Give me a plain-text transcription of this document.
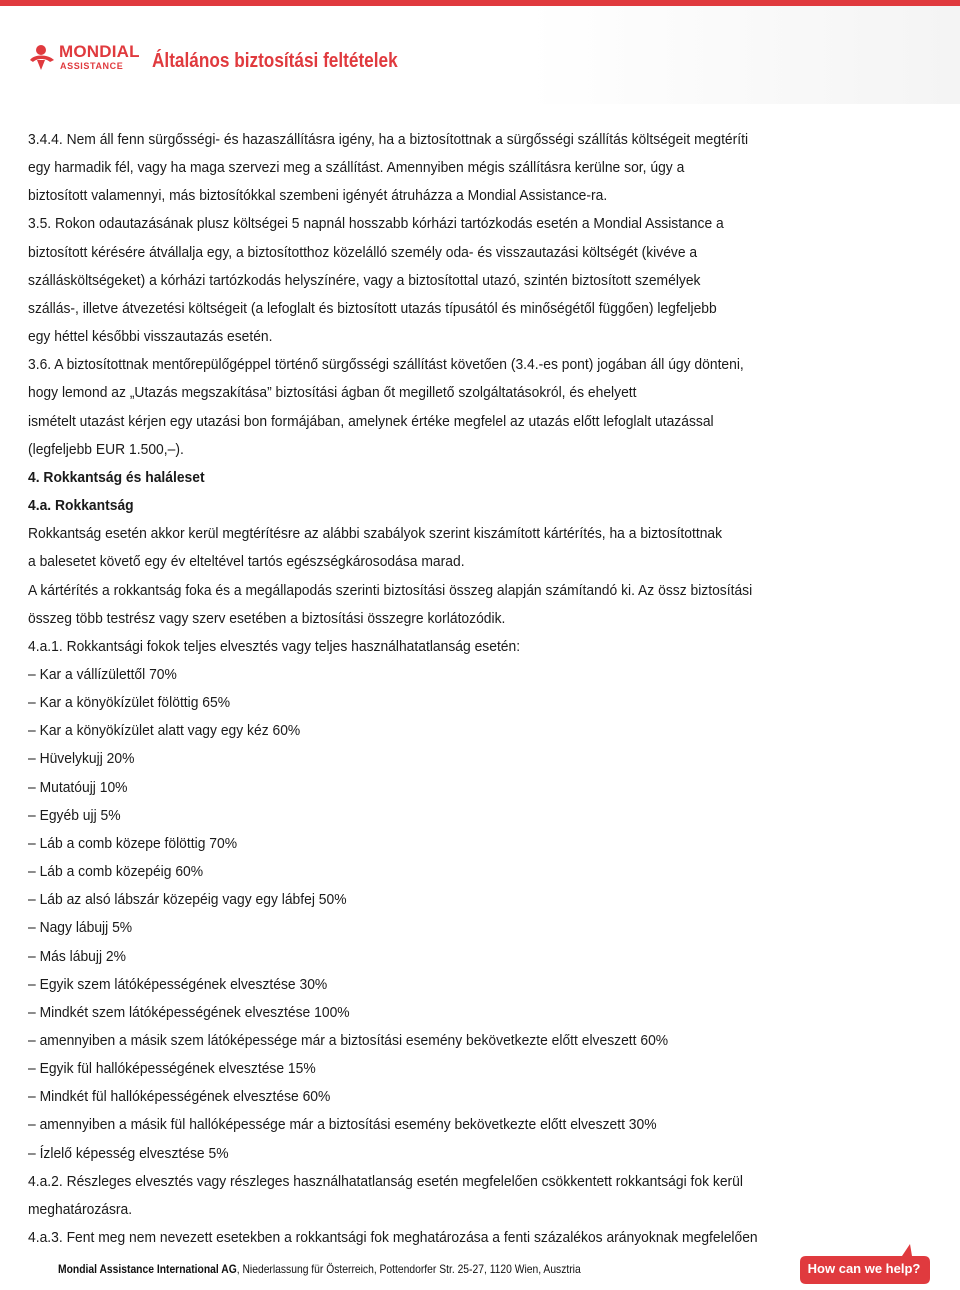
MONDIAL
ASSISTANCE Általános biztosítási feltételek
3.4.4. Nem áll fenn sürgősségi- és hazaszállításra igény, ha a biztosítottnak a sürgősségi szállítás költségeit megtéríti
egy harmadik fél, vagy ha maga szervezi meg a szállítást. Amennyiben mégis szállításra kerülne sor, úgy a
biztosított valamennyi, más biztosítókkal szembeni igényét átruházza a Mondial Assistance-ra.
3.5. Rokon odautazásának plusz költségei 5 napnál hosszabb kórházi tartózkodás esetén a Mondial Assistance a
biztosított kérésére átvállalja egy, a biztosítotthoz közelálló személy oda- és visszautazási költségét (kivéve a
szállásköltségeket) a kórházi tartózkodás helyszínére, vagy a biztosítottal utazó, szintén biztosított személyek
szállás-, illetve átvezetési költségeit (a lefoglalt és biztosított utazás típusától és minőségétől függően) legfeljebb
egy héttel későbbi visszautazás esetén.
3.6. A biztosítottnak mentőrepülőgéppel történő sürgősségi szállítást követően (3.4.-es pont) jogában áll úgy dönteni,
hogy lemond az „Utazás megszakítása” biztosítási ágban őt megillető szolgáltatásokról, és ehelyett
ismételt utazást kérjen egy utazási bon formájában, amelynek értéke megfelel az utazás előtt lefoglalt utazással
(legfeljebb EUR 1.500,–).
4. Rokkantság és haláleset
4.a. Rokkantság
Rokkantság esetén akkor kerül megtérítésre az alábbi szabályok szerint kiszámított kártérítés, ha a biztosítottnak
a balesetet követő egy év elteltével tartós egészségkárosodása marad.
A kártérítés a rokkantság foka és a megállapodás szerinti biztosítási összeg alapján számítandó ki. Az össz biztosítási
összeg több testrész vagy szerv esetében a biztosítási összegre korlátozódik.
4.a.1. Rokkantsági fokok teljes elvesztés vagy teljes használhatatlanság esetén:
– Kar a vállízülettől 70%
– Kar a könyökízület fölöttig 65%
– Kar a könyökízület alatt vagy egy kéz 60%
– Hüvelykujj 20%
– Mutatóujj 10%
– Egyéb ujj 5%
– Láb a comb közepe fölöttig 70%
– Láb a comb közepéig 60%
– Láb az alsó lábszár közepéig vagy egy lábfej 50%
– Nagy lábujj 5%
– Más lábujj 2%
– Egyik szem látóképességének elvesztése 30%
– Mindkét szem látóképességének elvesztése 100%
– amennyiben a másik szem látóképessége már a biztosítási esemény bekövetkezte előtt elveszett 60%
– Egyik fül hallóképességének elvesztése 15%
– Mindkét fül hallóképességének elvesztése 60%
– amennyiben a másik fül hallóképessége már a biztosítási esemény bekövetkezte előtt elveszett 30%
– Ízlelő képesség elvesztése 5%
4.a.2. Részleges elvesztés vagy részleges használhatatlanság esetén megfelelően csökkentett rokkantsági fok kerül
meghatározásra.
4.a.3. Fent meg nem nevezett esetekben a rokkantsági fok meghatározása a fenti százalékos arányoknak megfelelően
Mondial Assistance International AG, Niederlassung für Österreich, Pottendorfer Str. 25-27, 1120 Wien, Ausztria	How can we help?
